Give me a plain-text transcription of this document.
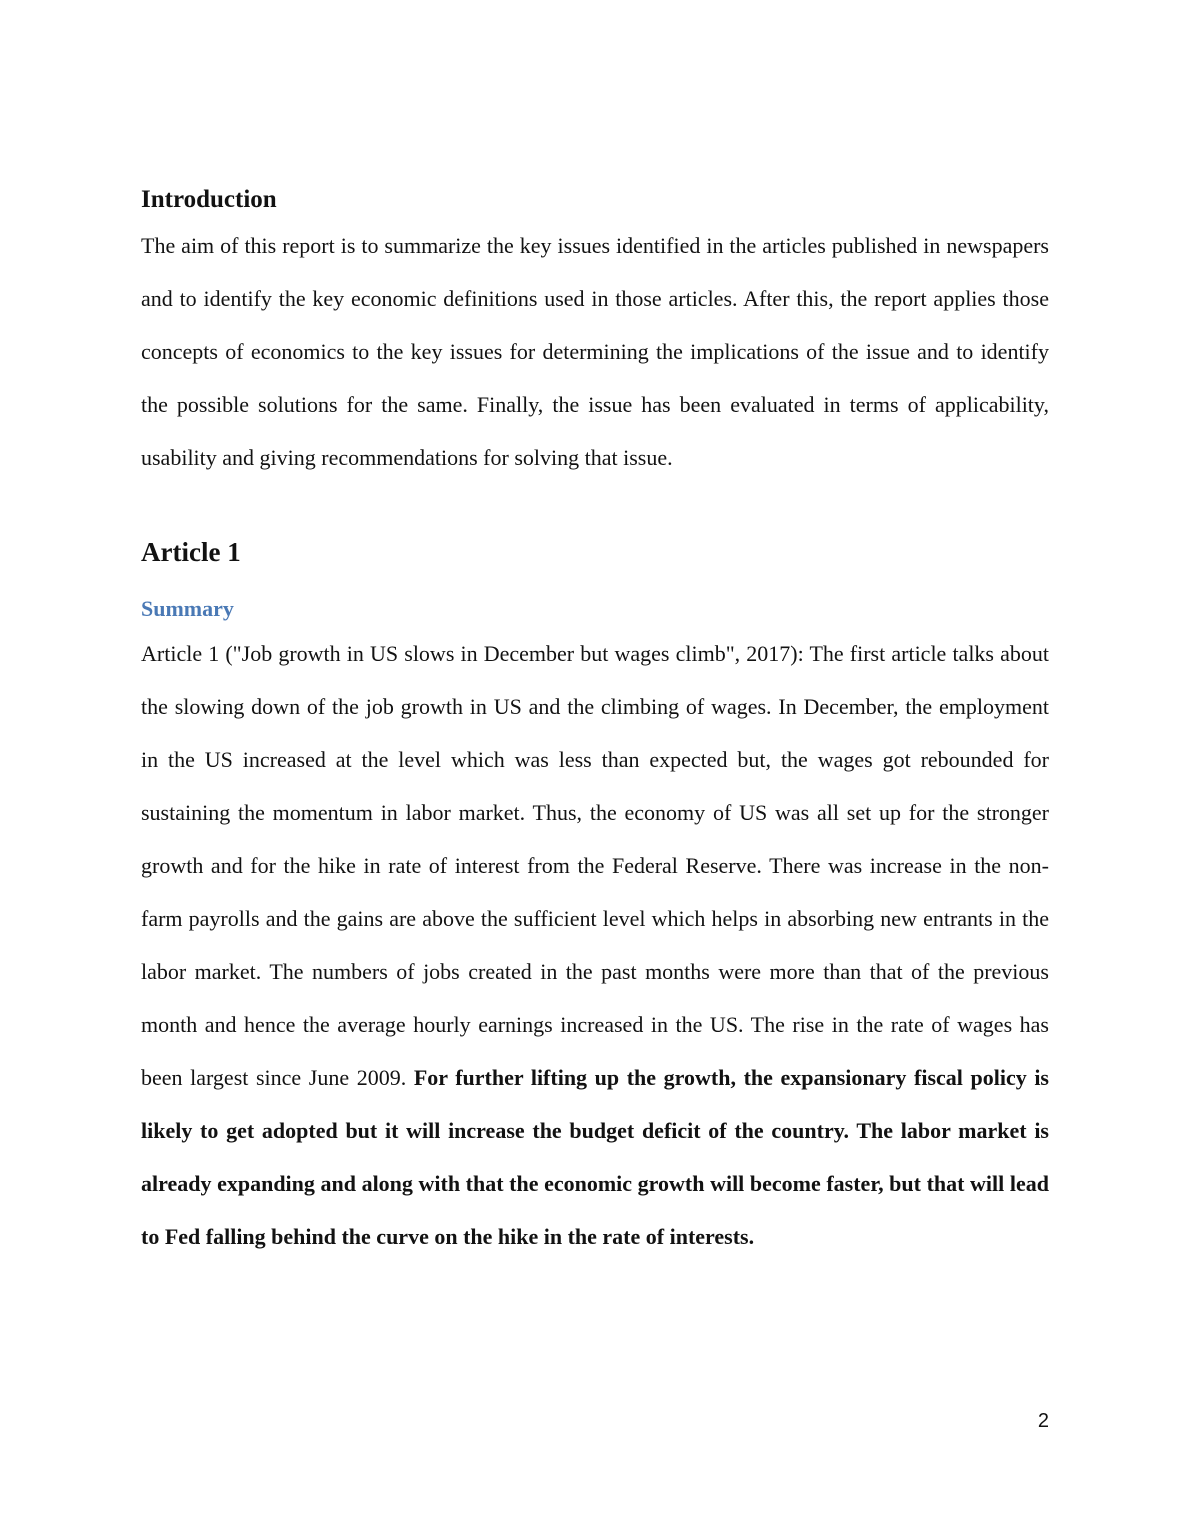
Introduction

The aim of this report is to summarize the key issues identified in the articles published in newspapers and to identify the key economic definitions used in those articles. After this, the report applies those concepts of economics to the key issues for determining the implications of the issue and to identify the possible solutions for the same. Finally, the issue has been evaluated in terms of applicability, usability and giving recommendations for solving that issue.

Article 1
Summary

Article 1 ("Job growth in US slows in December but wages climb", 2017): The first article talks about the slowing down of the job growth in US and the climbing of wages. In December, the employment in the US increased at the level which was less than expected but, the wages got rebounded for sustaining the momentum in labor market. Thus, the economy of US was all set up for the stronger growth and for the hike in rate of interest from the Federal Reserve. There was increase in the non-farm payrolls and the gains are above the sufficient level which helps in absorbing new entrants in the labor market. The numbers of jobs created in the past months were more than that of the previous month and hence the average hourly earnings increased in the US. The rise in the rate of wages has been largest since June 2009. For further lifting up the growth, the expansionary fiscal policy is likely to get adopted but it will increase the budget deficit of the country. The labor market is already expanding and along with that the economic growth will become faster, but that will lead to Fed falling behind the curve on the hike in the rate of interests.

2
